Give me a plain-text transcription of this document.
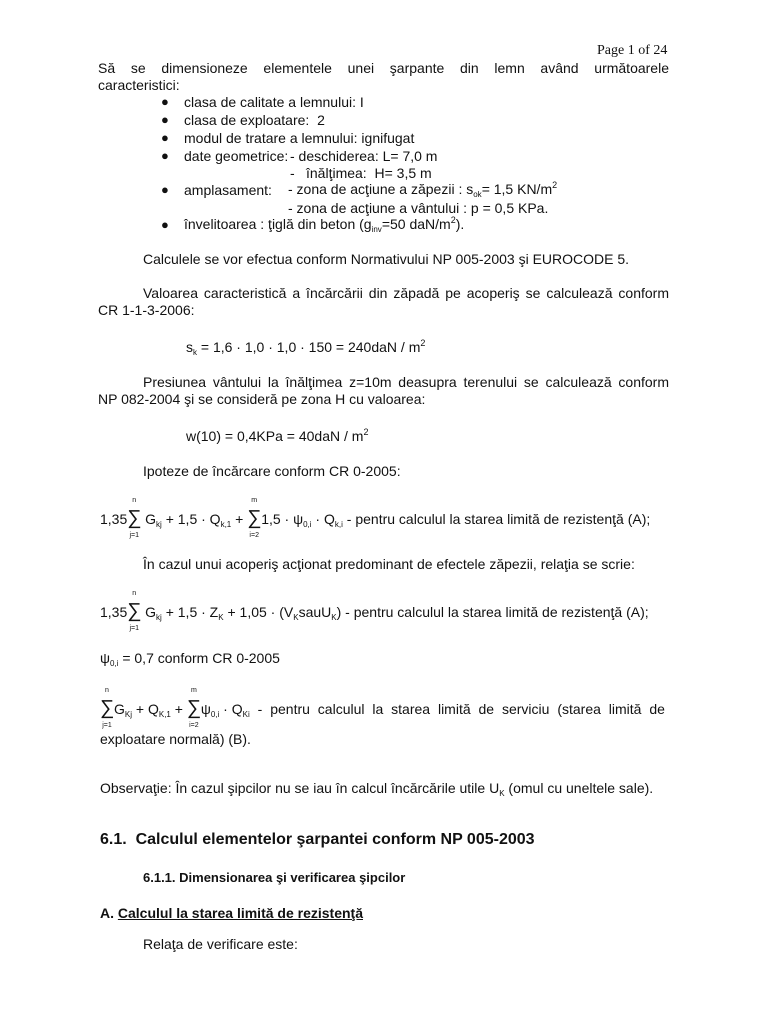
Page 1 of 24
Să se dimensioneze elementele unei şarpante din lemn având următoarele
caracteristici:
● clasa de calitate a lemnului: I
● clasa de exploatare:  2
● modul de tratare a lemnului: ignifugat
● date geometrice: - deschiderea: L= 7,0 m
- înălţimea:  H= 3,5 m
● amplasament: - zona de acţiune a zăpezii : $s_{ok}= 1,5$ $KN/m^2$
- zona de acţiune a vântului : p = 0,5 KPa.
● învelitoarea : ţiglă din beton ($g_{inv}=50$ daN/$m^2$).
Calculele se vor efectua conform Normativului NP 005-2003 şi EUROCODE 5.
Valoarea caracteristică a încărcării din zăpadă pe acoperiş se calculează conform
CR 1-1-3-2006:
$s_k = 1,6 \cdot 1,0 \cdot 1,0 \cdot 150 = 240daN / m^2$
Presiunea vântului la înălţimea z=10m deasupra terenului se calculează conform
NP 082-2004 şi se consideră pe zona H cu valoarea:
$w(10) = 0,4KPa = 40daN / m^2$
Ipoteze de încărcare conform CR 0-2005:
1,35
n
∑
j=1
$G_{kj} + 1,5 \cdot Q_{k,1}$ +
m
∑
i=2
$1,5 \cdot \psi_{0,i} \cdot Q_{k,i}$ - pentru calculul la starea limită de rezistenţă (A);
În cazul unui acoperiş acţionat predominant de efectele zăpezii, relaţia se scrie:
1,35
n
∑
j=1
$G_{kj} + 1,5 \cdot Z_K + 1,05$ · $(V_KsauU_K)$ - pentru calculul la starea limită de rezistenţă (A);
$\psi_{0,i} = 0,7$ conform CR 0-2005
n
∑
j=1
$G_{Kj} + Q_{K,1}$ +
m
∑
i=2
$\psi_{0,i} \cdot Q_{Ki}$ - pentru calculul la starea limită de serviciu (starea limită de
exploatare normală) (B).
Observaţie: În cazul şipcilor nu se iau în calcul încărcările utile $U_K$ (omul cu uneltele sale).
6.1.  Calculul elementelor şarpantei conform NP 005-2003
6.1.1. Dimensionarea şi verificarea şipcilor
A. Calculul la starea limită de rezistenţă
Relaţa de verificare este:
